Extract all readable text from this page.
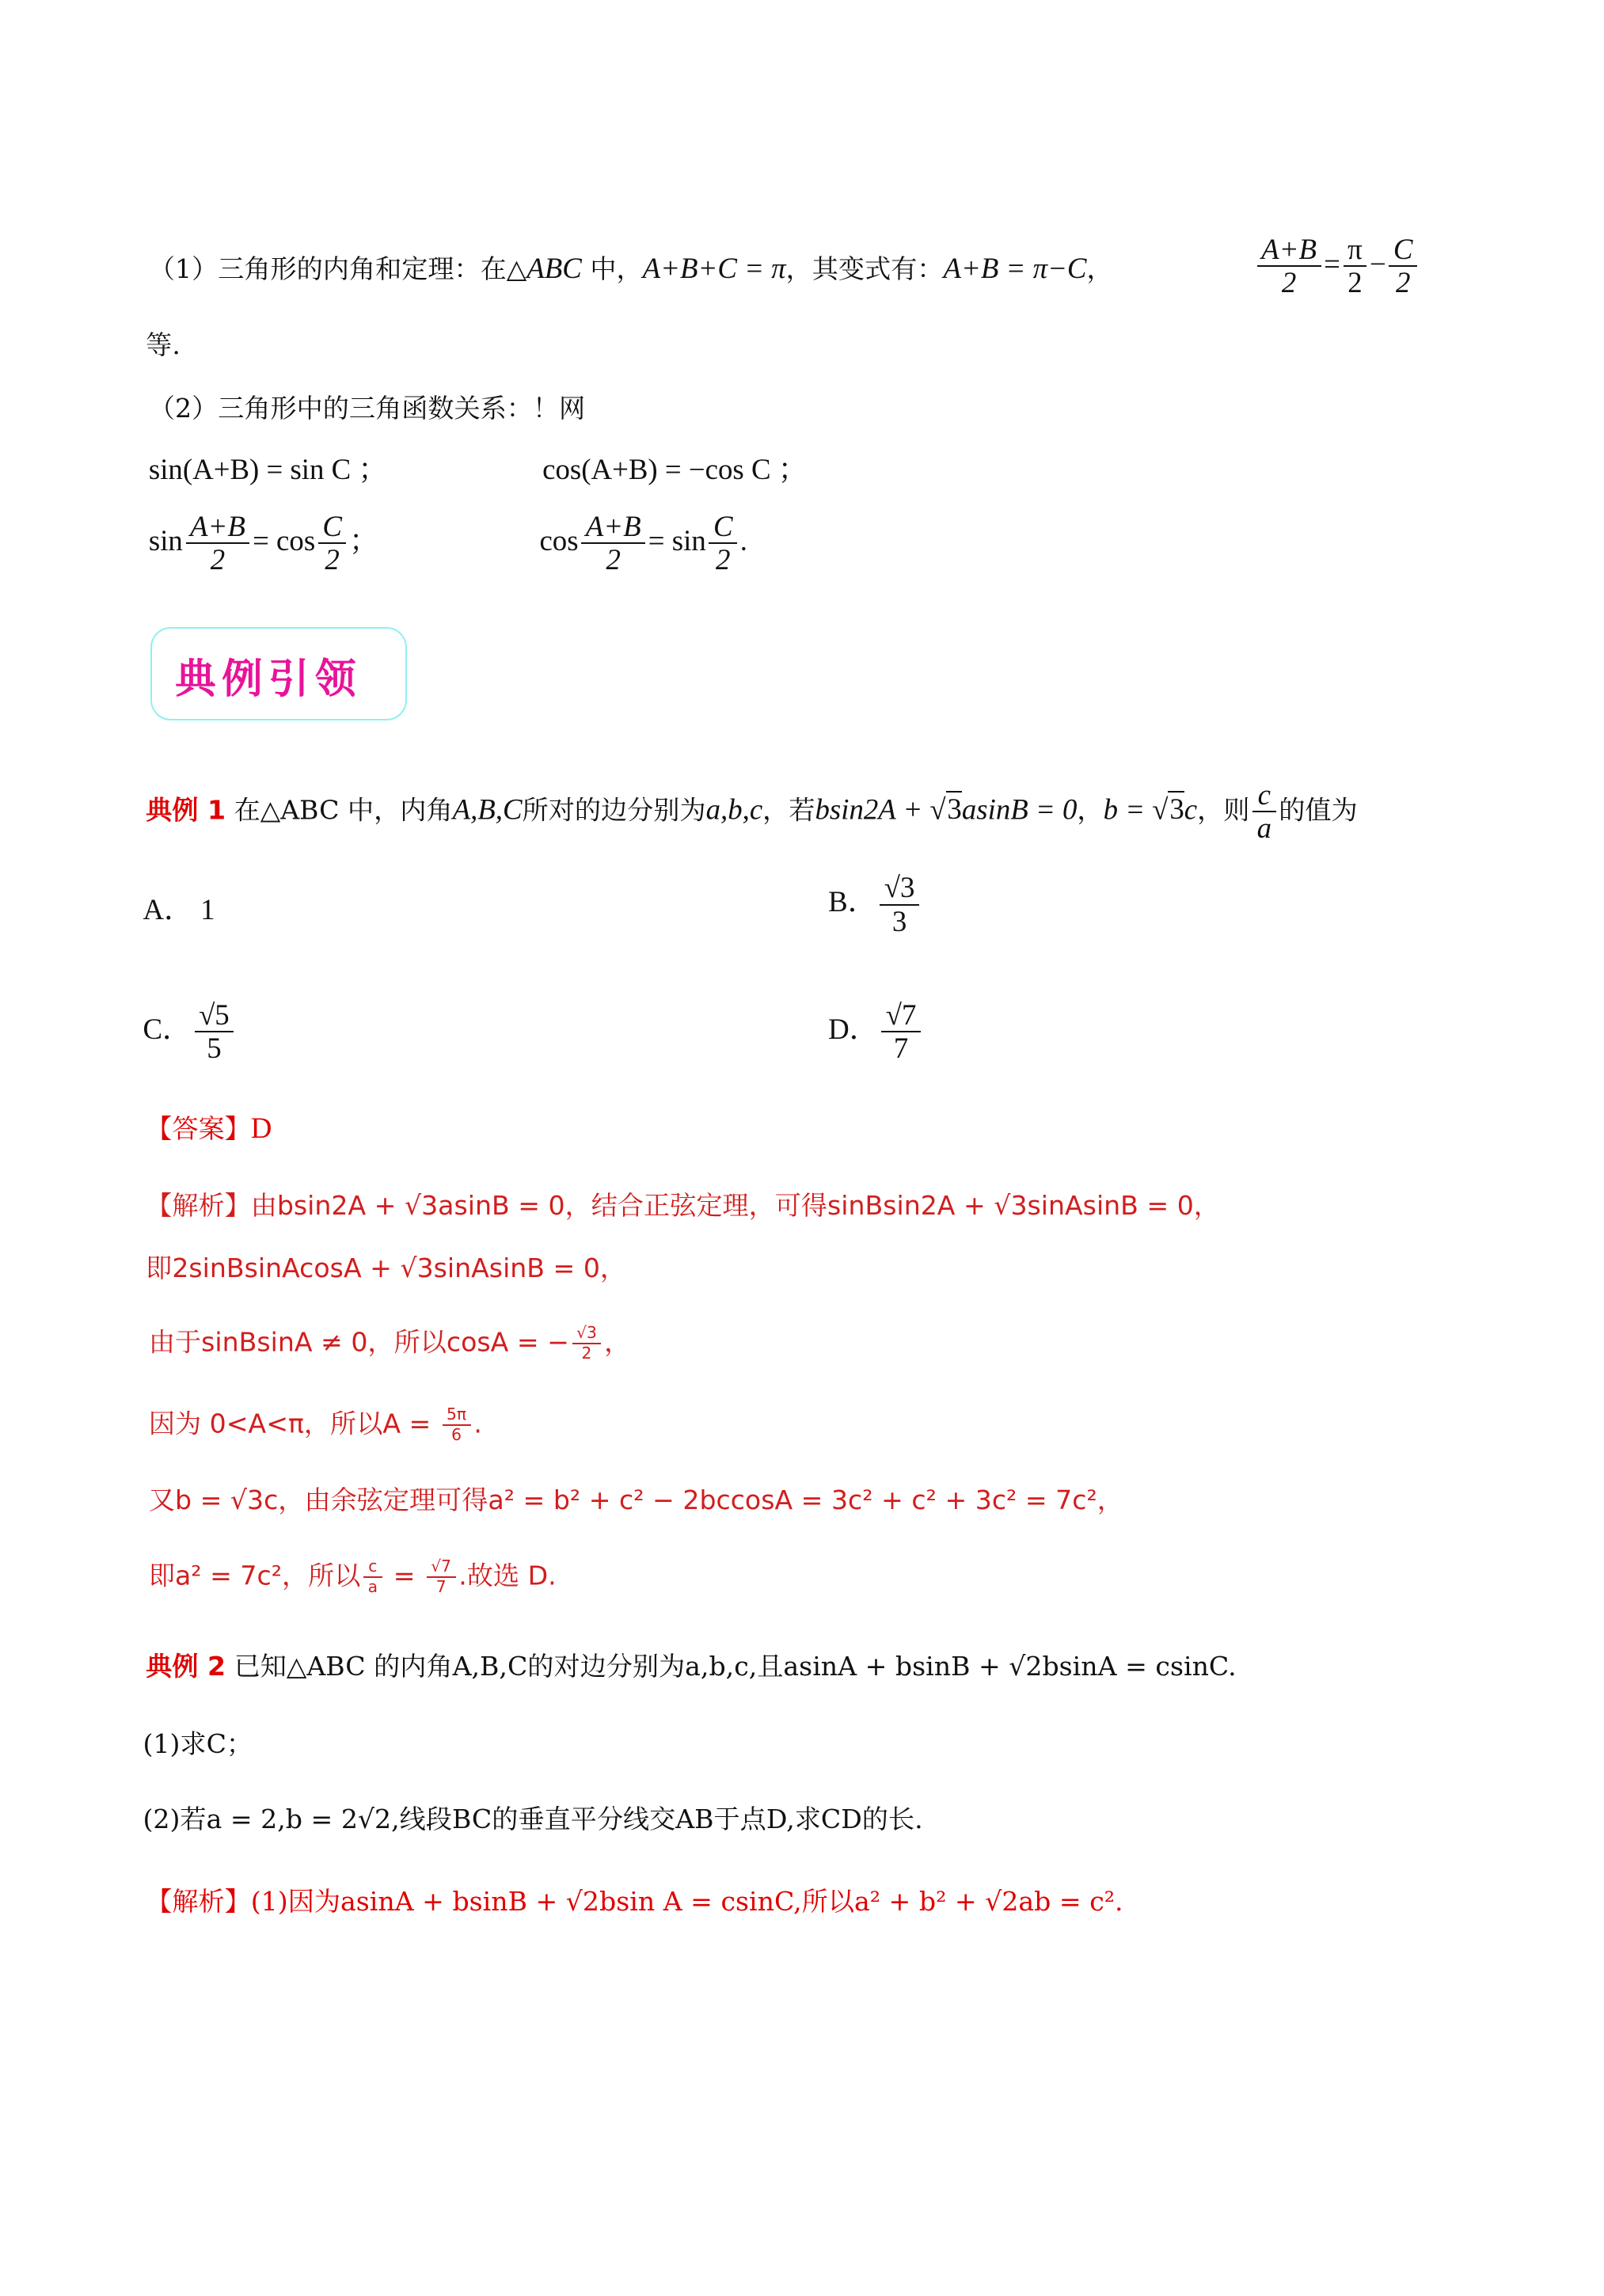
（1）三角形的内角和定理：在△ABC 中，A+B+C = π，其变式有：A+B = π−C，	$\frac{A+B}{2} = \frac{\pi}{2} - \frac{C}{2}$
等.
（2）三角形中的三角函数关系：！网
sin(A+B) = sin C ；	cos(A+B) = −cos C ；
$\sin \frac{A+B}{2} = \cos \frac{C}{2}$ ；	$\cos \frac{A+B}{2} = \sin \frac{C}{2}$ .
典例引领
典例 1 在△ABC 中，内角A,B,C所对的边分别为a,b,c，若bsin2A + √3asinB = 0，b = √3c，则 $\frac{c}{a}$ 的值为
A． 1	B． $\frac{√3}{3}$
C． $\frac{√5}{5}$	D． $\frac{√7}{7}$
【答案】D
【解析】由bsin2A + √3asinB = 0，结合正弦定理，可得sinBsin2A + √3sinAsinB = 0，
即2sinBsinAcosA + √3sinAsinB = 0，
由于sinBsinA ≠ 0，所以cosA = − $\frac{√3}{2}$ ，
因为 0<A<π，所以$A = \frac{5\pi}{6}$ .
又b = √3c，由余弦定理可得a² = b² + c² − 2bccosA = 3c² + c² + 3c² = 7c²，
即a² = 7c²，所以 $\frac{c}{a} = \frac{√7}{7}$ .故选 D.
典例 2 已知△ABC 的内角A,B,C的对边分别为a,b,c,且asinA + bsinB + √2bsinA = csinC.
(1)求C；
(2)若a = 2,b = 2√2,线段BC的垂直平分线交AB于点D,求CD的长.
【解析】(1)因为asinA + bsinB + √2bsin A = csinC,所以a² + b² + √2ab = c².
